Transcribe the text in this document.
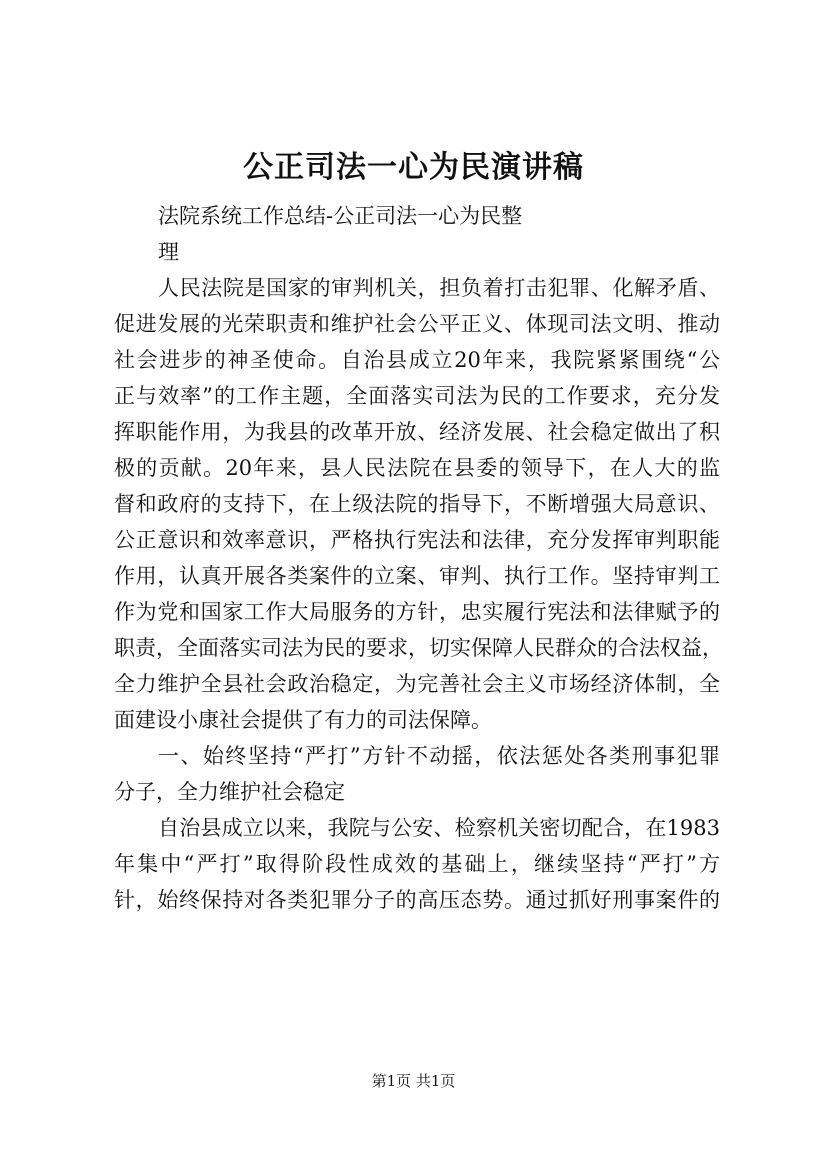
公正司法一心为民演讲稿
法院系统工作总结-公正司法一心为民整
理
人民法院是国家的审判机关，担负着打击犯罪、化解矛盾、
促进发展的光荣职责和维护社会公平正义、体现司法文明、推动
社会进步的神圣使命。自治县成立20年来，我院紧紧围绕“公
正与效率”的工作主题，全面落实司法为民的工作要求，充分发
挥职能作用，为我县的改革开放、经济发展、社会稳定做出了积
极的贡献。20年来，县人民法院在县委的领导下，在人大的监
督和政府的支持下，在上级法院的指导下，不断增强大局意识、
公正意识和效率意识，严格执行宪法和法律，充分发挥审判职能
作用，认真开展各类案件的立案、审判、执行工作。坚持审判工
作为党和国家工作大局服务的方针，忠实履行宪法和法律赋予的
职责，全面落实司法为民的要求，切实保障人民群众的合法权益，
全力维护全县社会政治稳定，为完善社会主义市场经济体制，全
面建设小康社会提供了有力的司法保障。
一、始终坚持“严打”方针不动摇，依法惩处各类刑事犯罪
分子，全力维护社会稳定
自治县成立以来，我院与公安、检察机关密切配合，在1983
年集中“严打”取得阶段性成效的基础上，继续坚持“严打”方
针，始终保持对各类犯罪分子的高压态势。通过抓好刑事案件的
第1页 共1页
